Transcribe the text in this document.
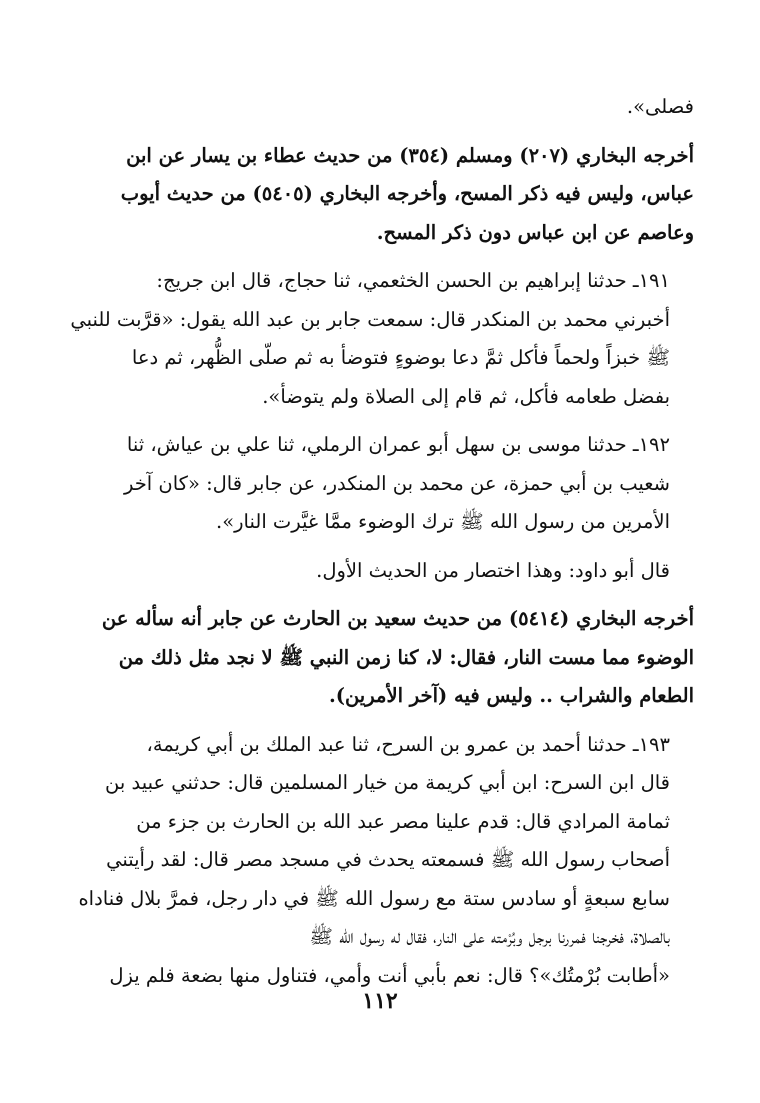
فصلى».

أخرجه البخاري (٢٠٧) ومسلم (٣٥٤) من حديث عطاء بن يسار عن ابن
عباس، وليس فيه ذكر المسح، وأخرجه البخاري (٥٤٠٥) من حديث أيوب
وعاصم عن ابن عباس دون ذكر المسح.

١٩١ـ حدثنا إبراهيم بن الحسن الخثعمي، ثنا حجاج، قال ابن جريج:
أخبرني محمد بن المنكدر قال: سمعت جابر بن عبد الله يقول: «قرَّبت للنبي
ﷺ خبزاً ولحماً فأكل ثمَّ دعا بوضوءٍ فتوضأ به ثم صلّى الظُّهر، ثم دعا
بفضل طعامه فأكل، ثم قام إلى الصلاة ولم يتوضأ».

١٩٢ـ حدثنا موسى بن سهل أبو عمران الرملي، ثنا علي بن عياش، ثنا
شعيب بن أبي حمزة، عن محمد بن المنكدر، عن جابر قال: «كان آخر
الأمرين من رسول الله ﷺ ترك الوضوء ممَّا غيَّرت النار».

قال أبو داود: وهذا اختصار من الحديث الأول.

أخرجه البخاري (٥٤١٤) من حديث سعيد بن الحارث عن جابر أنه سأله عن
الوضوء مما مست النار، فقال: لا، كنا زمن النبي ﷺ لا نجد مثل ذلك من
الطعام والشراب .. وليس فيه (آخر الأمرين).

١٩٣ـ حدثنا أحمد بن عمرو بن السرح، ثنا عبد الملك بن أبي كريمة،
قال ابن السرح: ابن أبي كريمة من خيار المسلمين قال: حدثني عبيد بن
ثمامة المرادي قال: قدم علينا مصر عبد الله بن الحارث بن جزء من
أصحاب رسول الله ﷺ فسمعته يحدث في مسجد مصر قال: لقد رأيتني
سابع سبعةٍ أو سادس ستة مع رسول الله ﷺ في دار رجل، فمرَّ بلال فناداه
بالصلاة، فخرجنا فمررنا برجل وبُرْمته على النار، فقال له رسول الله ﷺ
«أطابت بُرْمتُك»؟ قال: نعم بأبي أنت وأمي، فتناول منها بضعة فلم يزل

١١٢
